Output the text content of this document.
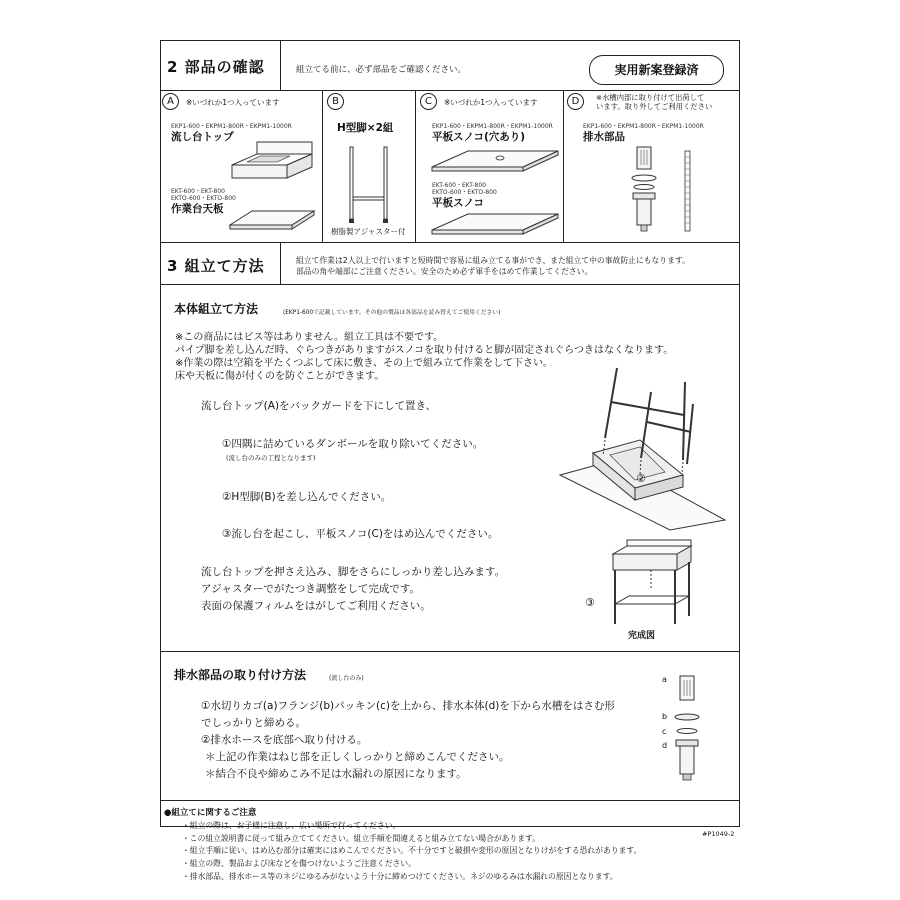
2 部品の確認	組立てる前に、必ず部品をご確認ください。	実用新案登録済
A	※いづれか1つ入っています
EKP1-600・EKPM1-800R・EKPM1-1000R
流し台トップ
EKT-600・EKT-800
EKTO-600・EKTO-800
作業台天板
B
H型脚×2組
樹脂製アジャスター付
C	※いづれか1つ入っています
EKP1-600・EKPM1-800R・EKPM1-1000R
平板スノコ(穴あり)
EKT-600・EKT-800
EKTO-600・EKTO-800
平板スノコ
D	※水槽内部に取り付けて出荷して
います。取り外してご利用ください
EKP1-600・EKPM1-800R・EKPM1-1000R
排水部品
3 組立て方法	組立て作業は2人以上で行いますと短時間で容易に組み立てる事ができ、また組立て中の事故防止にもなります。
部品の角や端部にご注意ください。安全のため必ず軍手をはめて作業してください。
本体組立て方法	(EKP1-600で記載しています。その他の製品は各部品を読み替えてご使用ください)
※この商品にはビス等はありません。組立工具は不要です。
パイプ脚を差し込んだ時、ぐらつきがありますがスノコを取り付けると脚が固定されぐらつきはなくなります。
※作業の際は空箱を平たくつぶして床に敷き、その上で組み立て作業をして下さい。
床や天板に傷が付くのを防ぐことができます。
流し台トップ(A)をバックガードを下にして置き、
①四隅に詰めているダンボールを取り除いてください。
(流し台のみの工程となります)
②H型脚(B)を差し込んでください。
③流し台を起こし、平板スノコ(C)をはめ込んでください。
流し台トップを押さえ込み、脚をさらにしっかり差し込みます。
アジャスターでがたつき調整をして完成です。
表面の保護フィルムをはがしてご利用ください。
②
③
完成図
排水部品の取り付け方法	(流し台のみ)
①水切りカゴ(a)フランジ(b)パッキン(c)を上から、排水本体(d)を下から水槽をはさむ形
でしっかりと締める。
②排水ホースを底部へ取り付ける。
＊上記の作業はねじ部を正しくしっかりと締めこんでください。
＊結合不良や締めこみ不足は水漏れの原因になります。
a
b
c
d
●組立てに関するご注意
・組立の際は、お子様に注意し、広い場所で行ってください。
・この組立説明書に従って組み立ててください。組立手順を間違えると組み立てない場合があります。
・組立手順に従い、はめ込む部分は確実にはめこんでください。不十分ですと破損や変形の原因となりけがをする恐れがあります。
・組立の際、製品および床などを傷つけないようご注意ください。
・排水部品、排水ホース等のネジにゆるみがないよう十分に締めつけてください。ネジのゆるみは水漏れの原因となります。
#P1049-2
